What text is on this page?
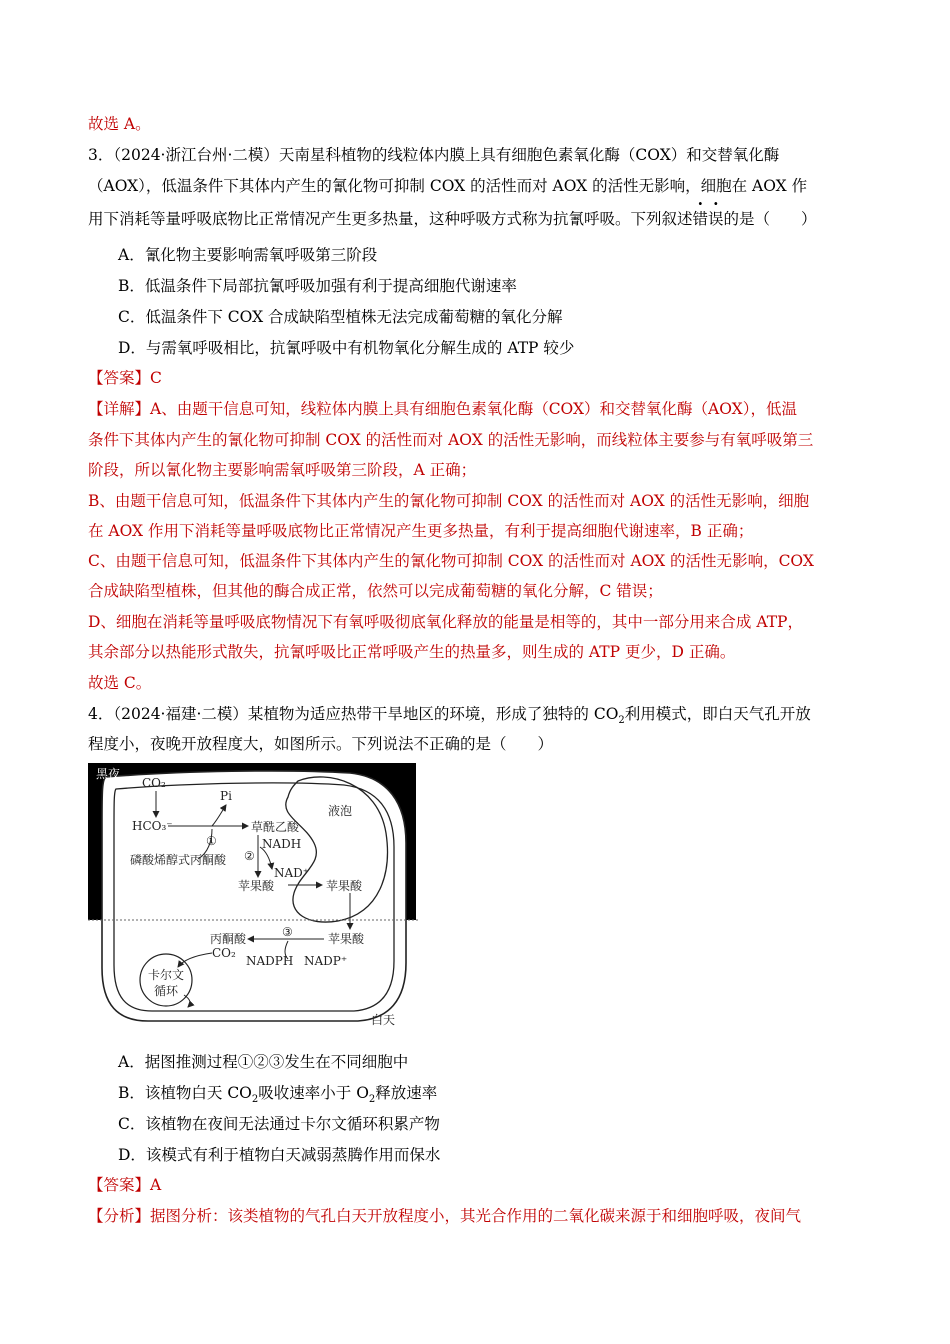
故选 A。
3．（2024·浙江台州·二模）天南星科植物的线粒体内膜上具有细胞色素氧化酶（COX）和交替氧化酶
（AOX），低温条件下其体内产生的氰化物可抑制 COX 的活性而对 AOX 的活性无影响，细胞在 AOX 作
用下消耗等量呼吸底物比正常情况产生更多热量，这种呼吸方式称为抗氰呼吸。下列叙述错误的是（　　）
A．氰化物主要影响需氧呼吸第三阶段
B．低温条件下局部抗氰呼吸加强有利于提高细胞代谢速率
C．低温条件下 COX 合成缺陷型植株无法完成葡萄糖的氧化分解
D．与需氧呼吸相比，抗氰呼吸中有机物氧化分解生成的 ATP 较少
【答案】C
【详解】A、由题干信息可知，线粒体内膜上具有细胞色素氧化酶（COX）和交替氧化酶（AOX），低温
条件下其体内产生的氰化物可抑制 COX 的活性而对 AOX 的活性无影响，而线粒体主要参与有氧呼吸第三
阶段，所以氰化物主要影响需氧呼吸第三阶段，A 正确；
B、由题干信息可知，低温条件下其体内产生的氰化物可抑制 COX 的活性而对 AOX 的活性无影响，细胞
在 AOX 作用下消耗等量呼吸底物比正常情况产生更多热量，有利于提高细胞代谢速率，B 正确；
C、由题干信息可知，低温条件下其体内产生的氰化物可抑制 COX 的活性而对 AOX 的活性无影响，COX
合成缺陷型植株，但其他的酶合成正常，依然可以完成葡萄糖的氧化分解，C 错误；
D、细胞在消耗等量呼吸底物情况下有氧呼吸彻底氧化释放的能量是相等的，其中一部分用来合成 ATP，
其余部分以热能形式散失，抗氰呼吸比正常呼吸产生的热量多，则生成的 ATP 更少，D 正确。
故选 C。
4．（2024·福建·二模）某植物为适应热带干旱地区的环境，形成了独特的 $CO_2$利用模式，即白天气孔开放
程度小，夜晚开放程度大，如图所示。下列说法不正确的是（　　）
黑夜
白天
液泡
CO₂
Pi
HCO₃⁻	草酰乙酸
①	NADH
②
磷酸烯醇式丙酮酸
NAD⁺
苹果酸	苹果酸
③
丙酮酸	苹果酸
CO₂
NADPH NADP⁺
卡尔文
循环
A．据图推测过程①②③发生在不同细胞中
B．该植物白天 $CO_2$吸收速率小于 $O_2$释放速率
C．该植物在夜间无法通过卡尔文循环积累产物
D．该模式有利于植物白天减弱蒸腾作用而保水
【答案】A
【分析】据图分析：该类植物的气孔白天开放程度小，其光合作用的二氧化碳来源于和细胞呼吸，夜间气
